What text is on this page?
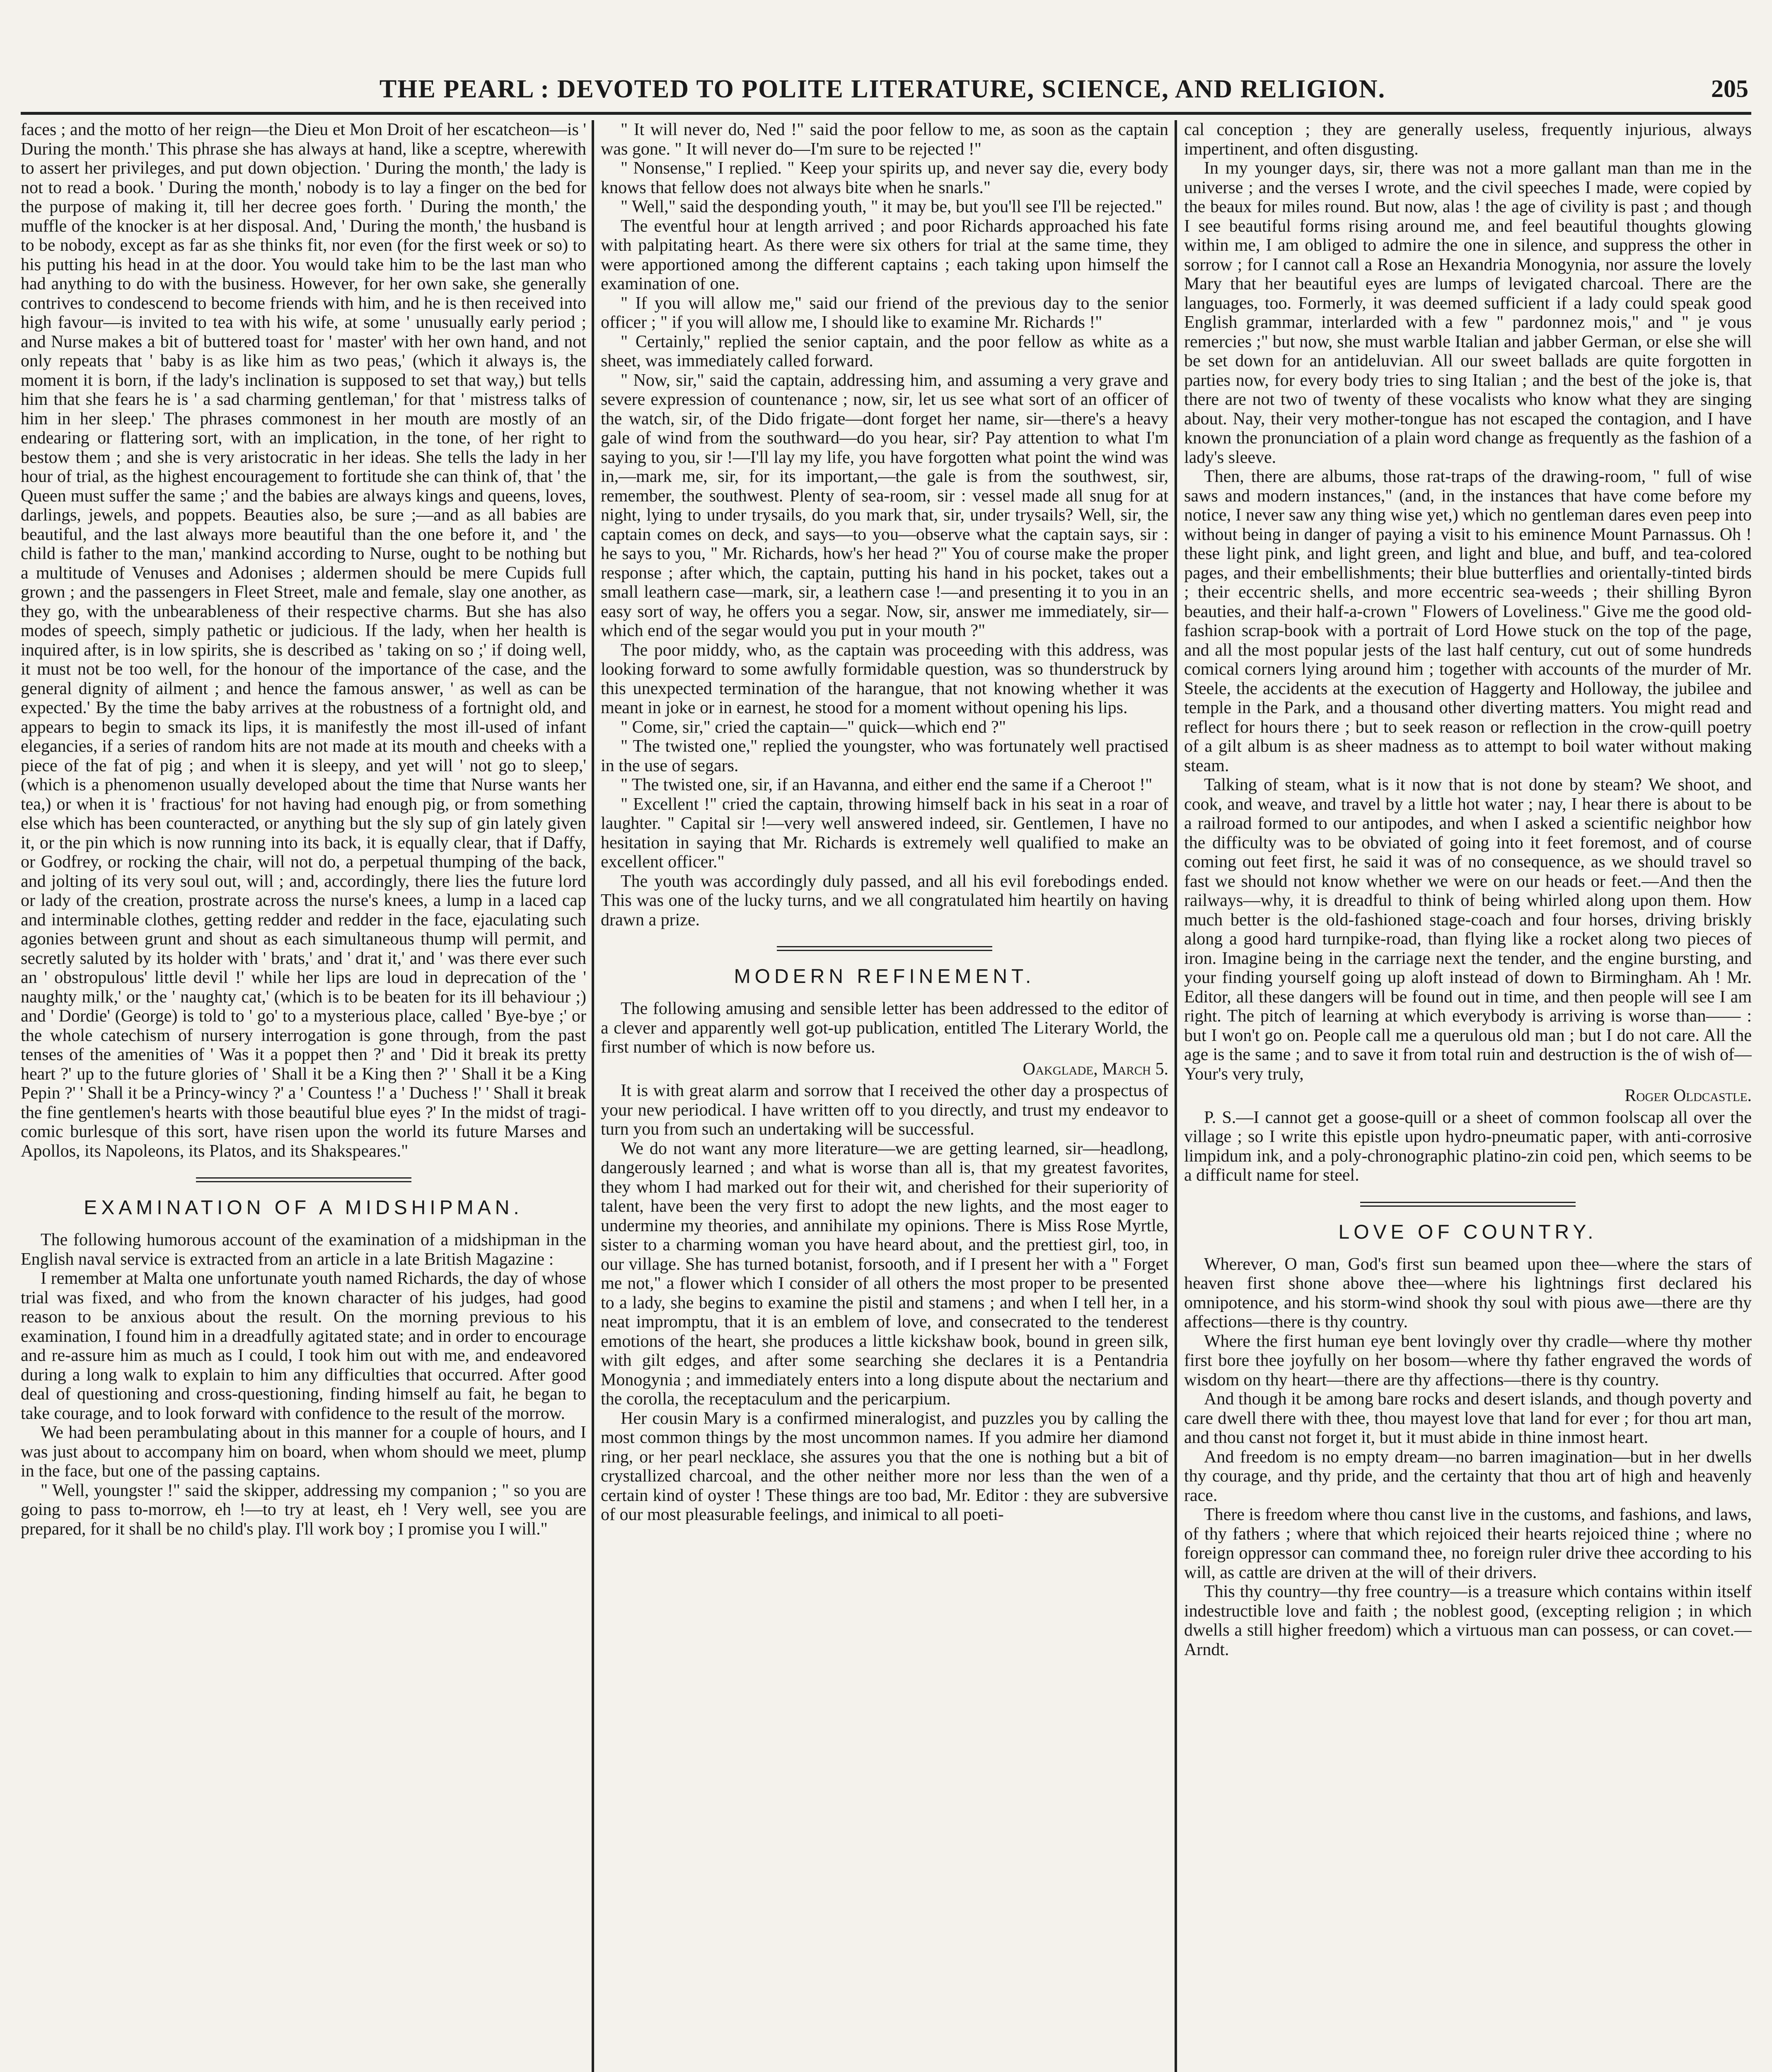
THE PEARL : DEVOTED TO POLITE LITERATURE, SCIENCE, AND RELIGION.	205

faces ; and the motto of her reign—the Dieu et Mon Droit of her escatcheon—is ' During the month.' This phrase she has always at hand, like a sceptre, wherewith to assert her privileges, and put down objection. ' During the month,' the lady is not to read a book. ' During the month,' nobody is to lay a finger on the bed for the purpose of making it, till her decree goes forth. ' During the month,' the muffle of the knocker is at her disposal. And, ' During the month,' the husband is to be nobody, except as far as she thinks fit, nor even (for the first week or so) to his putting his head in at the door. You would take him to be the last man who had anything to do with the business. However, for her own sake, she generally contrives to condescend to become friends with him, and he is then received into high favour—is invited to tea with his wife, at some ' unusually early period ; and Nurse makes a bit of buttered toast for ' master' with her own hand, and not only repeats that ' baby is as like him as two peas,' (which it always is, the moment it is born, if the lady's inclination is supposed to set that way,) but tells him that she fears he is ' a sad charming gentleman,' for that ' mistress talks of him in her sleep.' The phrases commonest in her mouth are mostly of an endearing or flattering sort, with an implication, in the tone, of her right to bestow them ; and she is very aristocratic in her ideas. She tells the lady in her hour of trial, as the highest encouragement to fortitude she can think of, that ' the Queen must suffer the same ;' and the babies are always kings and queens, loves, darlings, jewels, and poppets. Beauties also, be sure ;—and as all babies are beautiful, and the last always more beautiful than the one before it, and ' the child is father to the man,' mankind according to Nurse, ought to be nothing but a multitude of Venuses and Adonises ; aldermen should be mere Cupids full grown ; and the passengers in Fleet Street, male and female, slay one another, as they go, with the unbearableness of their respective charms. But she has also modes of speech, simply pathetic or judicious. If the lady, when her health is inquired after, is in low spirits, she is described as ' taking on so ;' if doing well, it must not be too well, for the honour of the importance of the case, and the general dignity of ailment ; and hence the famous answer, ' as well as can be expected.' By the time the baby arrives at the robustness of a fortnight old, and appears to begin to smack its lips, it is manifestly the most ill-used of infant elegancies, if a series of random hits are not made at its mouth and cheeks with a piece of the fat of pig ; and when it is sleepy, and yet will ' not go to sleep,' (which is a phenomenon usually developed about the time that Nurse wants her tea,) or when it is ' fractious' for not having had enough pig, or from something else which has been counteracted, or anything but the sly sup of gin lately given it, or the pin which is now running into its back, it is equally clear, that if Daffy, or Godfrey, or rocking the chair, will not do, a perpetual thumping of the back, and jolting of its very soul out, will ; and, accordingly, there lies the future lord or lady of the creation, prostrate across the nurse's knees, a lump in a laced cap and interminable clothes, getting redder and redder in the face, ejaculating such agonies between grunt and shout as each simultaneous thump will permit, and secretly saluted by its holder with ' brats,' and ' drat it,' and ' was there ever such an ' obstropulous' little devil !' while her lips are loud in deprecation of the ' naughty milk,' or the ' naughty cat,' (which is to be beaten for its ill behaviour ;) and ' Dordie' (George) is told to ' go' to a mysterious place, called ' Bye-bye ;' or the whole catechism of nursery interrogation is gone through, from the past tenses of the amenities of ' Was it a poppet then ?' and ' Did it break its pretty heart ?' up to the future glories of ' Shall it be a King then ?' ' Shall it be a King Pepin ?' ' Shall it be a Princy-wincy ?' a ' Countess !' a ' Duchess !' ' Shall it break the fine gentlemen's hearts with those beautiful blue eyes ?' In the midst of tragi-comic burlesque of this sort, have risen upon the world its future Marses and Apollos, its Napoleons, its Platos, and its Shakspeares."

EXAMINATION OF A MIDSHIPMAN.

The following humorous account of the examination of a midshipman in the English naval service is extracted from an article in a late British Magazine :

I remember at Malta one unfortunate youth named Richards, the day of whose trial was fixed, and who from the known character of his judges, had good reason to be anxious about the result. On the morning previous to his examination, I found him in a dreadfully agitated state; and in order to encourage and re-assure him as much as I could, I took him out with me, and endeavored during a long walk to explain to him any difficulties that occurred. After good deal of questioning and cross-questioning, finding himself au fait, he began to take courage, and to look forward with confidence to the result of the morrow.

We had been perambulating about in this manner for a couple of hours, and I was just about to accompany him on board, when whom should we meet, plump in the face, but one of the passing captains.

" Well, youngster !" said the skipper, addressing my companion ; " so you are going to pass to-morrow, eh !—to try at least, eh ! Very well, see you are prepared, for it shall be no child's play. I'll work boy ; I promise you I will."

" It will never do, Ned !" said the poor fellow to me, as soon as the captain was gone. " It will never do—I'm sure to be rejected !"

" Nonsense," I replied. " Keep your spirits up, and never say die, every body knows that fellow does not always bite when he snarls."

" Well," said the desponding youth, " it may be, but you'll see I'll be rejected."

The eventful hour at length arrived ; and poor Richards approached his fate with palpitating heart. As there were six others for trial at the same time, they were apportioned among the different captains ; each taking upon himself the examination of one.

" If you will allow me," said our friend of the previous day to the senior officer ; " if you will allow me, I should like to examine Mr. Richards !"

" Certainly," replied the senior captain, and the poor fellow as white as a sheet, was immediately called forward.

" Now, sir," said the captain, addressing him, and assuming a very grave and severe expression of countenance ; now, sir, let us see what sort of an officer of the watch, sir, of the Dido frigate—dont forget her name, sir—there's a heavy gale of wind from the southward—do you hear, sir? Pay attention to what I'm saying to you, sir !—I'll lay my life, you have forgotten what point the wind was in,—mark me, sir, for its important,—the gale is from the southwest, sir, remember, the southwest. Plenty of sea-room, sir : vessel made all snug for at night, lying to under trysails, do you mark that, sir, under trysails? Well, sir, the captain comes on deck, and says—to you—observe what the captain says, sir : he says to you, " Mr. Richards, how's her head ?" You of course make the proper response ; after which, the captain, putting his hand in his pocket, takes out a small leathern case—mark, sir, a leathern case !—and presenting it to you in an easy sort of way, he offers you a segar. Now, sir, answer me immediately, sir—which end of the segar would you put in your mouth ?"

The poor middy, who, as the captain was proceeding with this address, was looking forward to some awfully formidable question, was so thunderstruck by this unexpected termination of the harangue, that not knowing whether it was meant in joke or in earnest, he stood for a moment without opening his lips.

" Come, sir," cried the captain—" quick—which end ?"

" The twisted one," replied the youngster, who was fortunately well practised in the use of segars.

" The twisted one, sir, if an Havanna, and either end the same if a Cheroot !"

" Excellent !" cried the captain, throwing himself back in his seat in a roar of laughter. " Capital sir !—very well answered indeed, sir. Gentlemen, I have no hesitation in saying that Mr. Richards is extremely well qualified to make an excellent officer."

The youth was accordingly duly passed, and all his evil forebodings ended. This was one of the lucky turns, and we all congratulated him heartily on having drawn a prize.

MODERN REFINEMENT.

The following amusing and sensible letter has been addressed to the editor of a clever and apparently well got-up publication, entitled The Literary World, the first number of which is now before us.

Oakglade, March 5.

It is with great alarm and sorrow that I received the other day a prospectus of your new periodical. I have written off to you directly, and trust my endeavor to turn you from such an undertaking will be successful.

We do not want any more literature—we are getting learned, sir—headlong, dangerously learned ; and what is worse than all is, that my greatest favorites, they whom I had marked out for their wit, and cherished for their superiority of talent, have been the very first to adopt the new lights, and the most eager to undermine my theories, and annihilate my opinions. There is Miss Rose Myrtle, sister to a charming woman you have heard about, and the prettiest girl, too, in our village. She has turned botanist, forsooth, and if I present her with a " Forget me not," a flower which I consider of all others the most proper to be presented to a lady, she begins to examine the pistil and stamens ; and when I tell her, in a neat impromptu, that it is an emblem of love, and consecrated to the tenderest emotions of the heart, she produces a little kickshaw book, bound in green silk, with gilt edges, and after some searching she declares it is a Pentandria Monogynia ; and immediately enters into a long dispute about the nectarium and the corolla, the receptaculum and the pericarpium.

Her cousin Mary is a confirmed mineralogist, and puzzles you by calling the most common things by the most uncommon names. If you admire her diamond ring, or her pearl necklace, she assures you that the one is nothing but a bit of crystallized charcoal, and the other neither more nor less than the wen of a certain kind of oyster ! These things are too bad, Mr. Editor : they are subversive of our most pleasurable feelings, and inimical to all poeti-

cal conception ; they are generally useless, frequently injurious, always impertinent, and often disgusting.

In my younger days, sir, there was not a more gallant man than me in the universe ; and the verses I wrote, and the civil speeches I made, were copied by the beaux for miles round. But now, alas ! the age of civility is past ; and though I see beautiful forms rising around me, and feel beautiful thoughts glowing within me, I am obliged to admire the one in silence, and suppress the other in sorrow ; for I cannot call a Rose an Hexandria Monogynia, nor assure the lovely Mary that her beautiful eyes are lumps of levigated charcoal. There are the languages, too. Formerly, it was deemed sufficient if a lady could speak good English grammar, interlarded with a few " pardonnez mois," and " je vous remercies ;" but now, she must warble Italian and jabber German, or else she will be set down for an antideluvian. All our sweet ballads are quite forgotten in parties now, for every body tries to sing Italian ; and the best of the joke is, that there are not two of twenty of these vocalists who know what they are singing about. Nay, their very mother-tongue has not escaped the contagion, and I have known the pronunciation of a plain word change as frequently as the fashion of a lady's sleeve.

Then, there are albums, those rat-traps of the drawing-room, " full of wise saws and modern instances," (and, in the instances that have come before my notice, I never saw any thing wise yet,) which no gentleman dares even peep into without being in danger of paying a visit to his eminence Mount Parnassus. Oh ! these light pink, and light green, and light and blue, and buff, and tea-colored pages, and their embellishments; their blue butterflies and orientally-tinted birds ; their eccentric shells, and more eccentric sea-weeds ; their shilling Byron beauties, and their half-a-crown " Flowers of Loveliness." Give me the good old-fashion scrap-book with a portrait of Lord Howe stuck on the top of the page, and all the most popular jests of the last half century, cut out of some hundreds comical corners lying around him ; together with accounts of the murder of Mr. Steele, the accidents at the execution of Haggerty and Holloway, the jubilee and temple in the Park, and a thousand other diverting matters. You might read and reflect for hours there ; but to seek reason or reflection in the crow-quill poetry of a gilt album is as sheer madness as to attempt to boil water without making steam.

Talking of steam, what is it now that is not done by steam? We shoot, and cook, and weave, and travel by a little hot water ; nay, I hear there is about to be a railroad formed to our antipodes, and when I asked a scientific neighbor how the difficulty was to be obviated of going into it feet foremost, and of course coming out feet first, he said it was of no consequence, as we should travel so fast we should not know whether we were on our heads or feet.—And then the railways—why, it is dreadful to think of being whirled along upon them. How much better is the old-fashioned stage-coach and four horses, driving briskly along a good hard turnpike-road, than flying like a rocket along two pieces of iron. Imagine being in the carriage next the tender, and the engine bursting, and your finding yourself going up aloft instead of down to Birmingham. Ah ! Mr. Editor, all these dangers will be found out in time, and then people will see I am right. The pitch of learning at which everybody is arriving is worse than—— : but I won't go on. People call me a querulous old man ; but I do not care. All the age is the same ; and to save it from total ruin and destruction is the of wish of—Your's very truly,

Roger Oldcastle.

P. S.—I cannot get a goose-quill or a sheet of common foolscap all over the village ; so I write this epistle upon hydro-pneumatic paper, with anti-corrosive limpidum ink, and a poly-chronographic platino-zin coid pen, which seems to be a difficult name for steel.

LOVE OF COUNTRY.

Wherever, O man, God's first sun beamed upon thee—where the stars of heaven first shone above thee—where his lightnings first declared his omnipotence, and his storm-wind shook thy soul with pious awe—there are thy affections—there is thy country.

Where the first human eye bent lovingly over thy cradle—where thy mother first bore thee joyfully on her bosom—where thy father engraved the words of wisdom on thy heart—there are thy affections—there is thy country.

And though it be among bare rocks and desert islands, and though poverty and care dwell there with thee, thou mayest love that land for ever ; for thou art man, and thou canst not forget it, but it must abide in thine inmost heart.

And freedom is no empty dream—no barren imagination—but in her dwells thy courage, and thy pride, and the certainty that thou art of high and heavenly race.

There is freedom where thou canst live in the customs, and fashions, and laws, of thy fathers ; where that which rejoiced their hearts rejoiced thine ; where no foreign oppressor can command thee, no foreign ruler drive thee according to his will, as cattle are driven at the will of their drivers.

This thy country—thy free country—is a treasure which contains within itself indestructible love and faith ; the noblest good, (excepting religion ; in which dwells a still higher freedom) which a virtuous man can possess, or can covet.—Arndt.
